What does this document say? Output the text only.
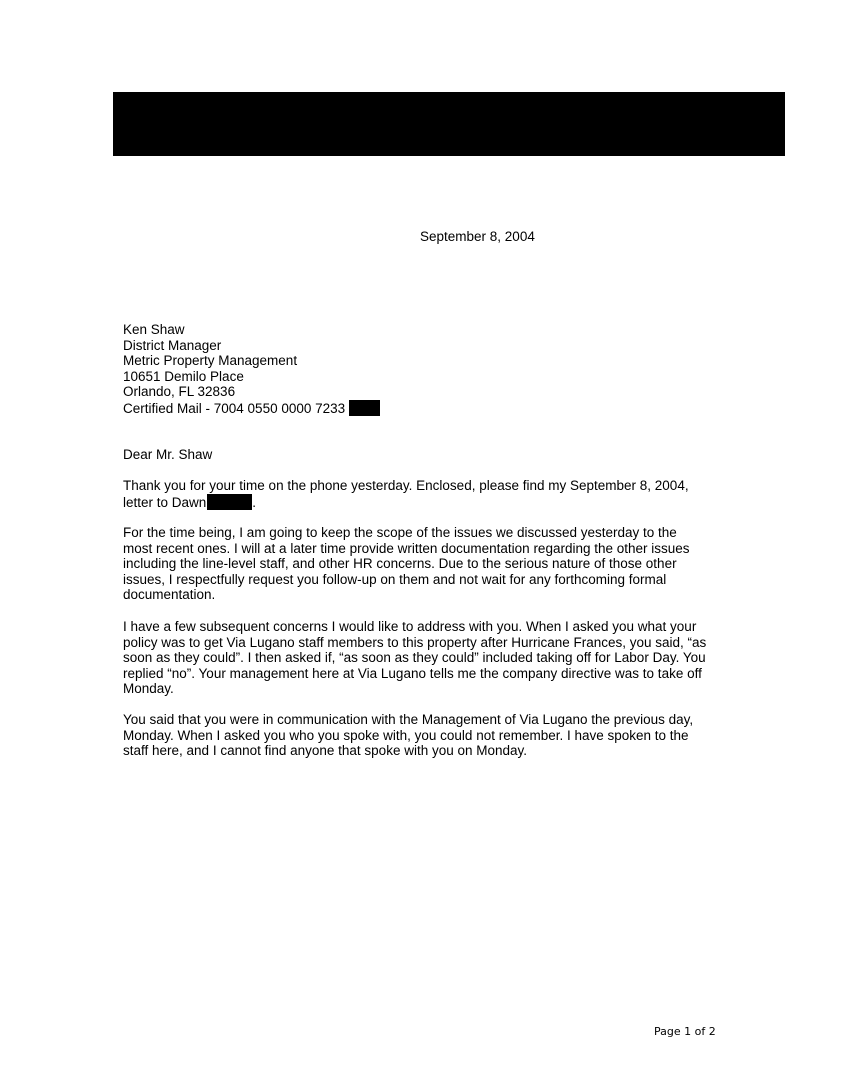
September 8, 2004
Ken Shaw
District Manager
Metric Property Management
10651 Demilo Place
Orlando, FL 32836
Certified Mail - 7004 0550 0000 7233
Dear Mr. Shaw
Thank you for your time on the phone yesterday. Enclosed, please find my September 8, 2004,
letter to Dawn	.
For the time being, I am going to keep the scope of the issues we discussed yesterday to the
most recent ones. I will at a later time provide written documentation regarding the other issues
including the line-level staff, and other HR concerns. Due to the serious nature of those other
issues, I respectfully request you follow-up on them and not wait for any forthcoming formal
documentation.
I have a few subsequent concerns I would like to address with you. When I asked you what your
policy was to get Via Lugano staff members to this property after Hurricane Frances, you said, “as
soon as they could”. I then asked if, “as soon as they could” included taking off for Labor Day. You
replied “no”. Your management here at Via Lugano tells me the company directive was to take off
Monday.
You said that you were in communication with the Management of Via Lugano the previous day,
Monday. When I asked you who you spoke with, you could not remember. I have spoken to the
staff here, and I cannot find anyone that spoke with you on Monday.
Page 1 of 2
